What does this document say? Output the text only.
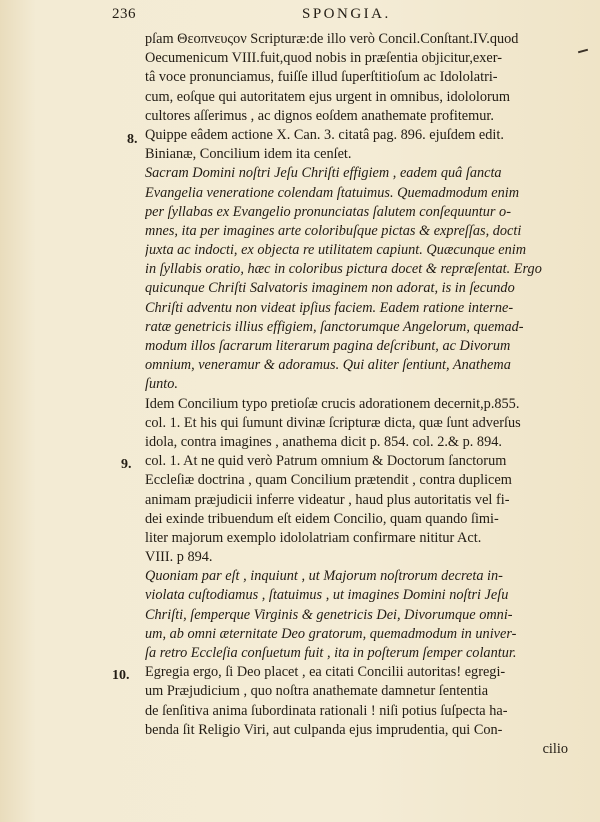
236	SPONGIA.
8.
9.
10.
pſam Θεοπνευςον Scripturæ:de illo verò Concil.Conſtant.IV.quod
Oecumenicum VIII.fuit,quod nobis in præſentia objicitur,exer-
tâ voce pronunciamus, fuiſſe illud ſuperſtitioſum ac Idololatri-
cum, eoſque qui autoritatem ejus urgent in omnibus, idololorum
cultores aſſerimus , ac dignos eoſdem anathemate profitemur.
Quippe eâdem actione X. Can. 3. citatâ pag. 896. ejuſdem edit.
Binianæ, Concilium idem ita cenſet.
Sacram Domini noſtri Jeſu Chriſti effigiem , eadem quâ ſancta
Evangelia veneratione colendam ſtatuimus. Quemadmodum enim
per ſyllabas ex Evangelio pronunciatas ſalutem conſequuntur o-
mnes, ita per imagines arte coloribuſque pictas & expreſſas, docti
juxta ac indocti, ex objecta re utilitatem capiunt. Quæcunque enim
in ſyllabis oratio, hæc in coloribus pictura docet & repræſentat. Ergo
quicunque Chriſti Salvatoris imaginem non adorat, is in ſecundo
Chriſti adventu non videat ipſius faciem. Eadem ratione interne-
ratæ genetricis illius effigiem, ſanctorumque Angelorum, quemad-
modum illos ſacrarum literarum pagina deſcribunt, ac Divorum
omnium, veneramur & adoramus. Qui aliter ſentiunt, Anathema
ſunto.
Idem Concilium typo pretioſæ crucis adorationem decernit,p.855.
col. 1. Et his qui ſumunt divinæ ſcripturæ dicta, quæ ſunt adverſus
idola, contra imagines , anathema dicit p. 854. col. 2.& p. 894.
col. 1. At ne quid verò Patrum omnium & Doctorum ſanctorum
Eccleſiæ doctrina , quam Concilium prætendit , contra duplicem
animam præjudicii inferre videatur , haud plus autoritatis vel fi-
dei exinde tribuendum eſt eidem Concilio, quam quando ſimi-
liter majorum exemplo idololatriam confirmare nititur Act.
VIII. p 894.
Quoniam par eſt , inquiunt , ut Majorum noſtrorum decreta in-
violata cuſtodiamus , ſtatuimus , ut imagines Domini noſtri Jeſu
Chriſti, ſemperque Virginis & genetricis Dei, Divorumque omni-
um, ab omni æternitate Deo gratorum, quemadmodum in univer-
ſa retro Eccleſia conſuetum fuit , ita in poſterum ſemper colantur.
Egregia ergo, ſi Deo placet , ea citati Concilii autoritas! egregi-
um Præjudicium , quo noſtra anathemate damnetur ſententia
de ſenſitiva anima ſubordinata rationali ! niſi potius ſuſpecta ha-
benda ſit Religio Viri, aut culpanda ejus imprudentia, qui Con-
cilio
